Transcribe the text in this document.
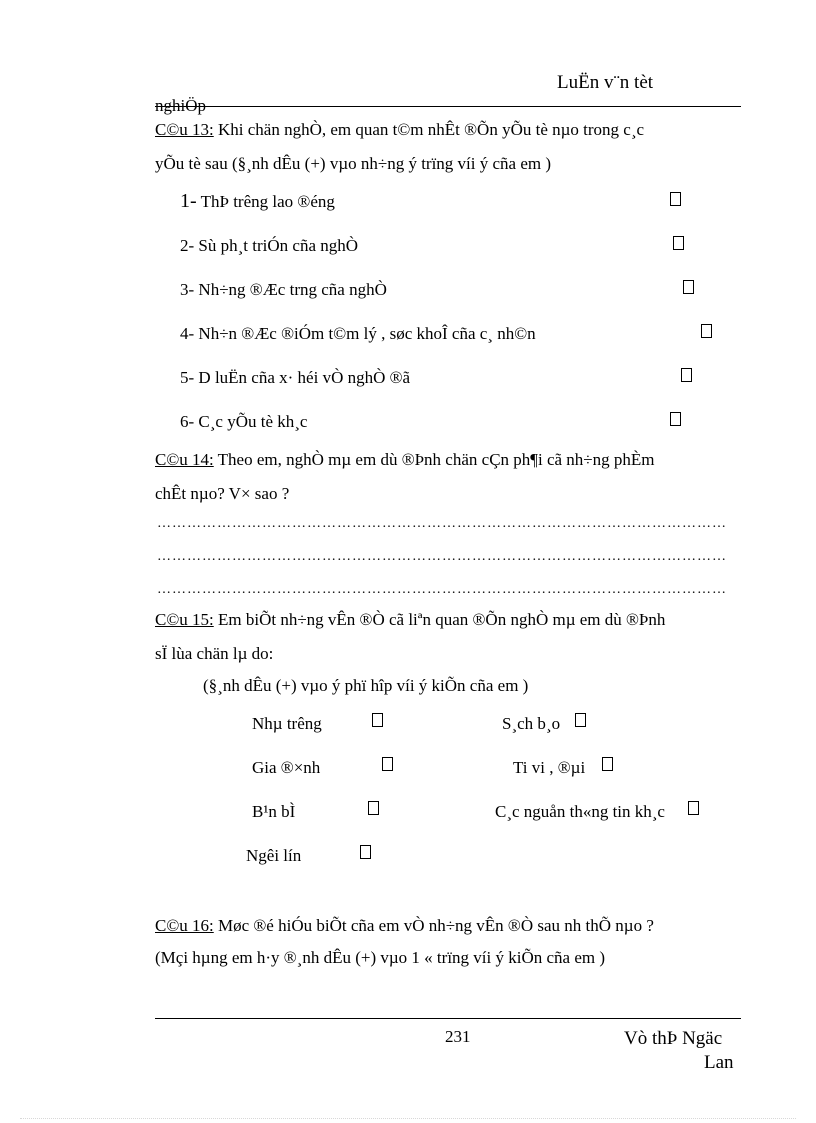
LuËn v¨n tèt
nghiÖp
C©u 13: Khi chän nghÒ, em quan t©m nhÊt ®Õn yÕu tè nµo trong c¸c
yÕu tè sau (§¸nh dÊu (+) vµo nh÷ng ý trïng víi ý cña em )
1- ThÞ trêng lao ®éng
2- Sù ph¸t triÓn cña nghÒ
3- Nh÷ng ®Æc trng cña nghÒ
4- Nh÷n ®Æc ®iÓm t©m lý , søc khoÎ cña c¸ nh©n
5- D luËn cña x· héi vÒ nghÒ ®ã
6- C¸c yÕu tè kh¸c
C©u 14: Theo em, nghÒ mµ em dù ®Þnh chän cÇn ph¶i cã nh÷ng phÈm
chÊt nµo? V× sao ?
……………………………………………………………………………………………………
……………………………………………………………………………………………………
……………………………………………………………………………………………………
C©u 15: Em biÕt nh÷ng vÊn ®Ò cã liªn quan ®Õn nghÒ mµ em dù ®Þnh
sÏ lùa chän lµ do:
(§¸nh dÊu (+) vµo ý phï hîp víi ý kiÕn cña em )
Nhµ trêng	S¸ch b¸o
Gia ®×nh	Ti vi , ®µi
B¹n bÌ	C¸c nguån th«ng tin kh¸c
Ngêi lín
C©u 16: Møc ®é hiÓu biÕt cña em vÒ nh÷ng vÊn ®Ò sau nh thÕ nµo ?
(Mçi hµng em h·y ®¸nh dÊu (+) vµo 1 « trïng víi ý kiÕn cña em )
231	Vò thÞ Ngäc
Lan
